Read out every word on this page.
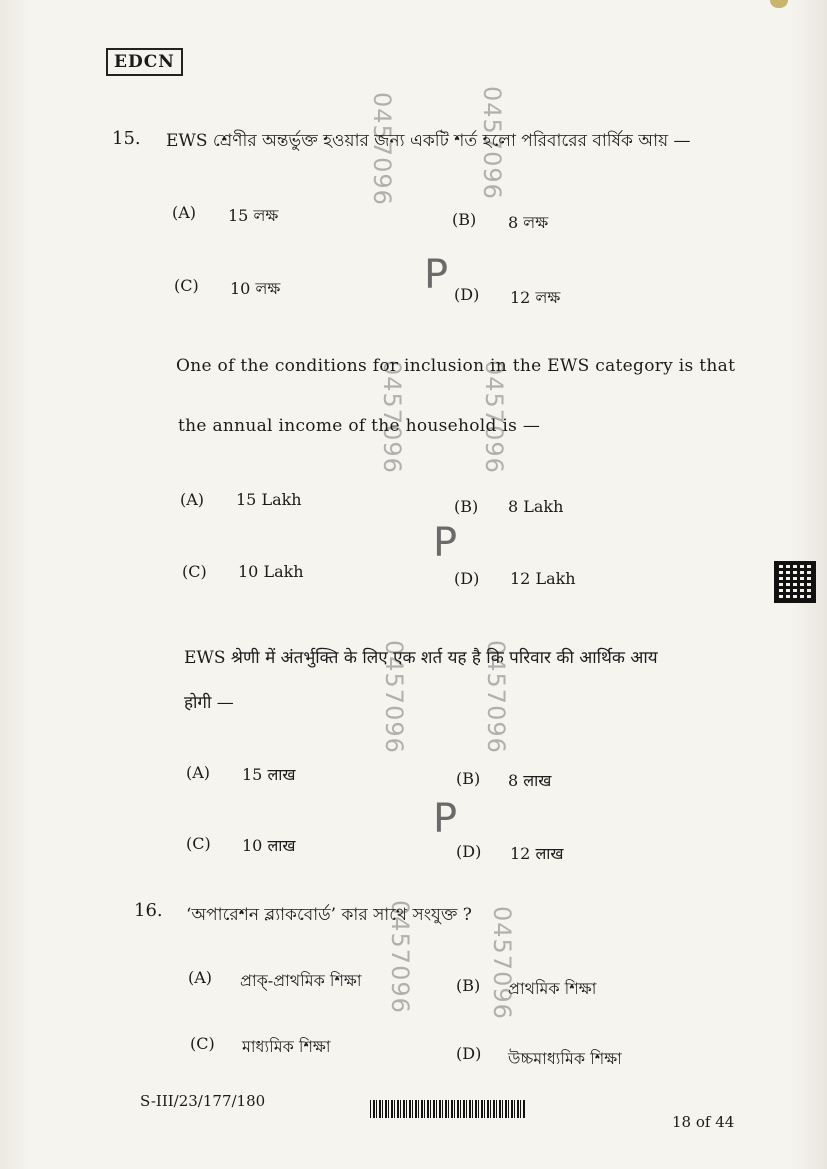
EDCN
0457096	0457096
P
0457096	0457096
P
0457096	0457096
P
0457096	0457096
15. EWS শ্রেণীর অন্তর্ভুক্ত হওয়ার জন্য একটি শর্ত হলো পরিবারের বার্ষিক আয় —
(A) 15 লক্ষ	(B) 8 লক্ষ
(C) 10 লক্ষ	(D) 12 লক্ষ
One of the conditions for inclusion in the EWS category is that
the annual income of the household is —
(A) 15 Lakh	(B) 8 Lakh
(C) 10 Lakh	(D) 12 Lakh
EWS श्रेणी में अंतर्भुक्ति के लिए एक शर्त यह है कि परिवार की आर्थिक आय
होगी —
(A) 15 लाख	(B) 8 लाख
(C) 10 लाख	(D) 12 लाख
16. ‘অপারেশন ব্ল্যাকবোর্ড’ কার সাথে সংযুক্ত ?
(A) প্রাক্-প্রাথমিক শিক্ষা	(B) প্রাথমিক শিক্ষা
(C) মাধ্যমিক শিক্ষা	(D) উচ্চমাধ্যমিক শিক্ষা
S-III/23/177/180
18 of 44
